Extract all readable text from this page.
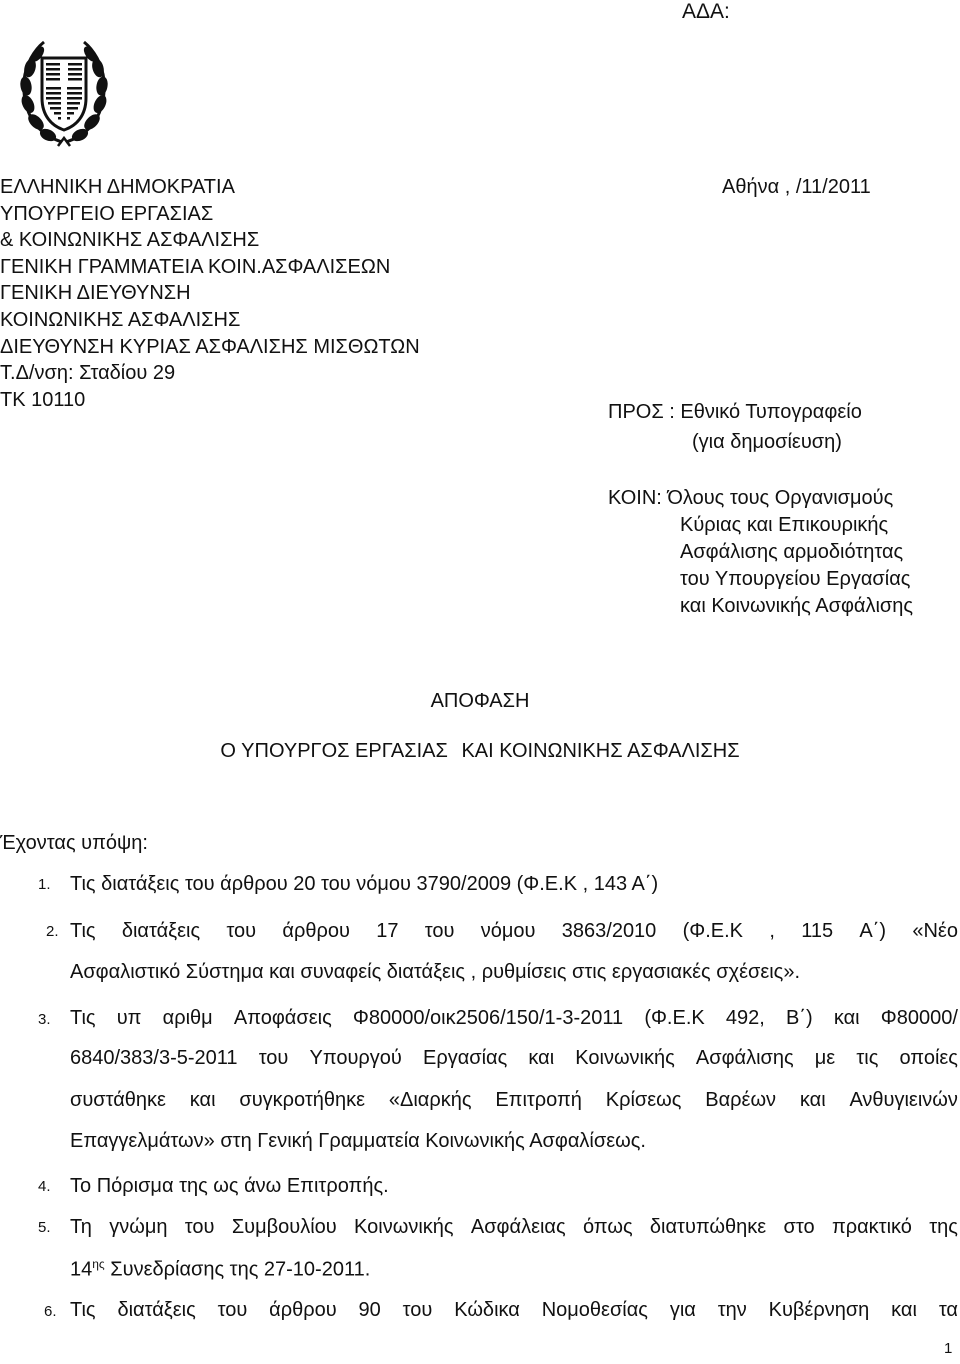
ΑΔΑ:
ΕΛΛΗΝΙΚΗ ΔΗΜΟΚΡΑΤΙΑ
ΥΠΟΥΡΓΕΙΟ ΕΡΓΑΣΙΑΣ
& ΚΟΙΝΩΝΙΚΗΣ ΑΣΦΑΛΙΣΗΣ
ΓΕΝΙΚΗ ΓΡΑΜΜΑΤΕΙΑ ΚΟΙΝ.ΑΣΦΑΛΙΣΕΩΝ
ΓΕΝΙΚΗ ΔΙΕΥΘΥΝΣΗ
ΚΟΙΝΩΝΙΚΗΣ ΑΣΦΑΛΙΣΗΣ
ΔΙΕΥΘΥΝΣΗ ΚΥΡΙΑΣ ΑΣΦΑΛΙΣΗΣ ΜΙΣΘΩΤΩΝ
Τ.Δ/νση: Σταδίου 29
ΤΚ 10110
Αθήνα , /11/2011
ΠΡΟΣ : Εθνικό Τυπογραφείο
(για δημοσίευση)
ΚΟΙΝ: Όλους τους Οργανισμούς
Κύριας και Επικουρικής
Ασφάλισης αρμοδιότητας
του Υπουργείου Εργασίας
και Κοινωνικής Ασφάλισης
ΑΠΟΦΑΣΗ
Ο ΥΠΟΥΡΓΟΣ ΕΡΓΑΣΙΑΣ ΚΑΙ ΚΟΙΝΩΝΙΚΗΣ ΑΣΦΑΛΙΣΗΣ
Έχοντας υπόψη:
1. Τις διατάξεις του άρθρου 20 του νόμου 3790/2009 (Φ.Ε.Κ , 143 Α΄)
2. Τις διατάξεις του άρθρου 17 του νόμου 3863/2010 (Φ.Ε.Κ , 115 Α΄) «Νέο
Ασφαλιστικό Σύστημα και συναφείς διατάξεις , ρυθμίσεις στις εργασιακές σχέσεις».
3. Τις υπ αριθμ Αποφάσεις Φ80000/οικ2506/150/1-3-2011 (Φ.Ε.Κ 492, Β΄) και Φ80000/
6840/383/3-5-2011 του Υπουργού Εργασίας και Κοινωνικής Ασφάλισης με τις οποίες
συστάθηκε και συγκροτήθηκε «Διαρκής Επιτροπή Κρίσεως Βαρέων και Ανθυγιεινών
Επαγγελμάτων» στη Γενική Γραμματεία Κοινωνικής Ασφαλίσεως.
4. Το Πόρισμα της ως άνω Επιτροπής.
5. Τη γνώμη του Συμβουλίου Κοινωνικής Ασφάλειας όπως διατυπώθηκε στο πρακτικό της
$14^{\eta\varsigma}$ Συνεδρίασης της 27-10-2011.
6. Τις διατάξεις του άρθρου 90 του Κώδικα Νομοθεσίας για την Κυβέρνηση και τα
1
